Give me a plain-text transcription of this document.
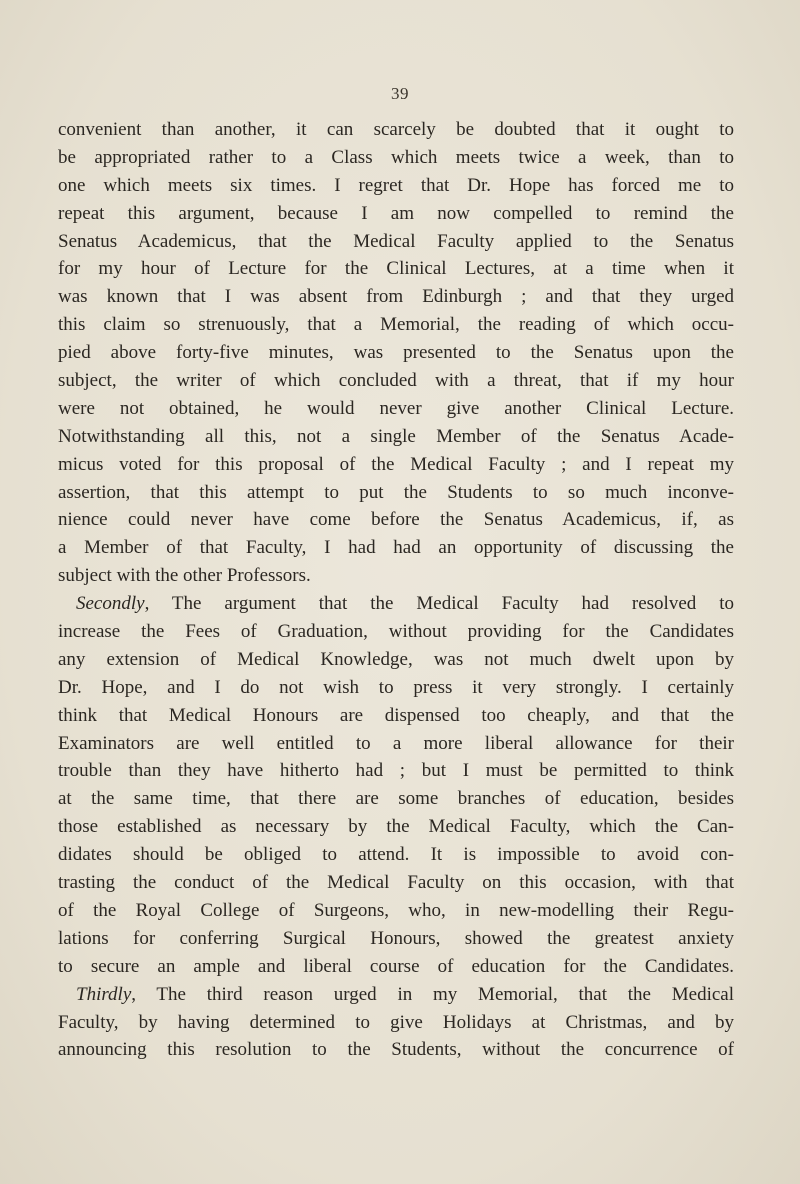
39
convenient than another, it can scarcely be doubted that it ought to
be appropriated rather to a Class which meets twice a week, than to
one which meets six times. I regret that Dr. Hope has forced me to
repeat this argument, because I am now compelled to remind the
Senatus Academicus, that the Medical Faculty applied to the Senatus
for my hour of Lecture for the Clinical Lectures, at a time when it
was known that I was absent from Edinburgh ; and that they urged
this claim so strenuously, that a Memorial, the reading of which occu-
pied above forty-five minutes, was presented to the Senatus upon the
subject, the writer of which concluded with a threat, that if my hour
were not obtained, he would never give another Clinical Lecture.
Notwithstanding all this, not a single Member of the Senatus Acade-
micus voted for this proposal of the Medical Faculty ; and I repeat my
assertion, that this attempt to put the Students to so much inconve-
nience could never have come before the Senatus Academicus, if, as
a Member of that Faculty, I had had an opportunity of discussing the
subject with the other Professors.
Secondly, The argument that the Medical Faculty had resolved to
increase the Fees of Graduation, without providing for the Candidates
any extension of Medical Knowledge, was not much dwelt upon by
Dr. Hope, and I do not wish to press it very strongly. I certainly
think that Medical Honours are dispensed too cheaply, and that the
Examinators are well entitled to a more liberal allowance for their
trouble than they have hitherto had ; but I must be permitted to think
at the same time, that there are some branches of education, besides
those established as necessary by the Medical Faculty, which the Can-
didates should be obliged to attend. It is impossible to avoid con-
trasting the conduct of the Medical Faculty on this occasion, with that
of the Royal College of Surgeons, who, in new-modelling their Regu-
lations for conferring Surgical Honours, showed the greatest anxiety
to secure an ample and liberal course of education for the Candidates.
Thirdly, The third reason urged in my Memorial, that the Medical
Faculty, by having determined to give Holidays at Christmas, and by
announcing this resolution to the Students, without the concurrence of
